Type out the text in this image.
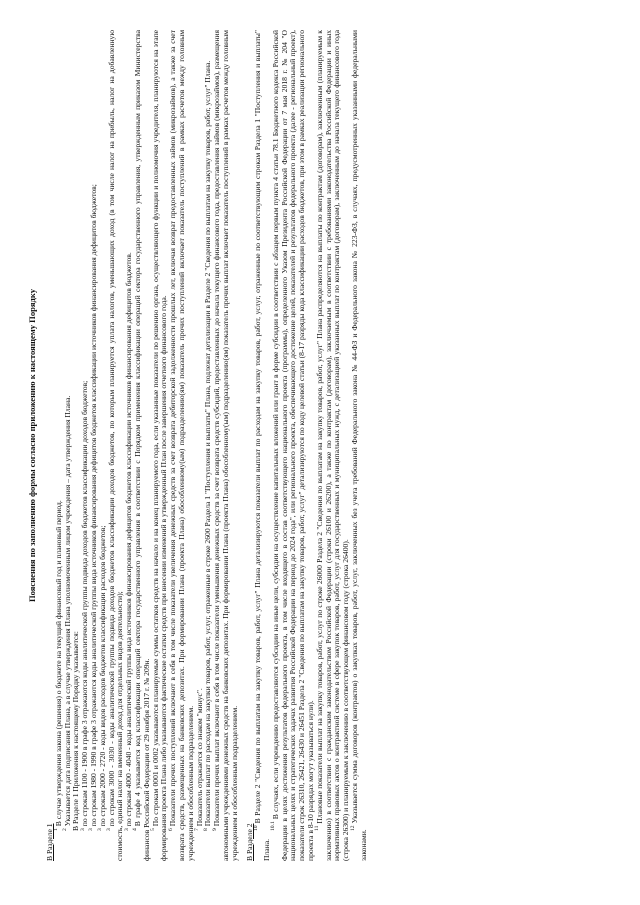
Пояснения по заполнению формы согласно приложению к настоящему Порядку
В Разделе 1 $^1$В случае утверждения закона (решения) о бюджете на текущий финансовый год и плановый период.

$^2$Указывается дата подписания Плана, а в случае утверждения Плана уполномоченным лицом учреждения – дата утверждения Плана. В Разделе 1 Приложения к настоящему Порядку указывается: $^3$по строкам 1100 - 1900 в графе 3 отражаются коды аналитической группы подвида доходов бюджетов классификации доходов бюджетов;

$^3$по строкам 1980 - 1990 в графе 3 отражаются коды аналитической группы вида источников финансирования дефицитов бюджетов классификации источников финансирования дефицитов бюджетов;

$^3$по строкам 2000 - 2720 - коды видов расходов бюджетов классификации расходов бюджетов;

$^3$по строкам 3000 - 3030 - коды аналитической группы подвида доходов бюджетов классификации доходов бюджетов, по которым планируется уплата налогов, уменьшающих доход (в том числе налог на прибыль, налог на добавленную стоимость, единый налог на вмененный доход для отдельных видов деятельности); $^3$по строкам 4000 - 4040 - коды аналитической группы вида источников финансирования дефицитов бюджетов классификации источников финансирования дефицитов бюджетов.

$^4$В графе 4 указывается код классификации операций сектора государственного управления в соответствии с Порядком применения классификации операций сектора государственного управления, утвержденным приказом Министерства финансов Российской Федерации от 29 ноября 2017 г. № 209н. $^5$По строкам 0001 и 0002 указываются планируемые суммы остатков средств на начало и на конец планируемого года, если указанные показатели по решению органа, осуществляющего функции и полномочия учредителя, планируются на этапе формирования проекта Плана либо указываются фактические остатки средств при внесении изменений в утвержденный План после завершения отчетного финансового года. $^6$Показатели прочих поступлений включают в себя в том числе показатели увеличения денежных средств за счет возврата дебиторской задолженности прошлых лет, включая возврат предоставленных займов (микрозаймов), а также за счет возврата средств, размещенных на банковских депозитах. При формировании Плана (проекта Плана) обособленному(ым) подразделению(ям) показатель прочих поступлений включает показатель поступлений в рамках расчетов между головным учреждением и обособленным подразделением. $^7$Показатель отражается со знаком "минус".

$^8$Показатели выплат по расходам на закупки товаров, работ, услуг, отраженные в строке 2600 Раздела 1 "Поступления и выплаты" Плана, подлежат детализации в Разделе 2 "Сведения по выплатам на закупку товаров, работ, услуг" Плана.

$^9$Показатели прочих выплат включают в себя в том числе показатели уменьшения денежных средств за счет возврата средств субсидий, предоставленных до начала текущего финансового года, предоставления займов (микрозаймов), размещения автономными учреждениями денежных средств на банковских депозитах. При формировании Плана (проекта Плана) обособленному(ым) подразделению(ям) показатель прочих выплат включает показатель поступлений в рамках расчетов между головным учреждением и обособленным подразделением. В Разделе 2 $^{10}$В Разделе 2 "Сведения по выплатам на закупку товаров, работ, услуг" Плана детализируются показатели выплат по расходам на закупку товаров, работ, услуг, отраженные по соответствующим строкам Раздела 1 "Поступления и выплаты" Плана.

$^{10.1}$В случаях, если учреждению предоставляются субсидии на иные цели, субсидии на осуществление капитальных вложений или грант в форме субсидии в соответствии с абзацем первым пункта 4 статьи 78.1 Бюджетного кодекса Российской Федерации в целях достижения результатов федерального проекта, в том числе входящего в состав соответствующего национального проекта (программы), определенного Указом Президента Российской Федерации от 7 мая 2018 г. № 204 "О национальных целях и стратегических задачах развития Российской Федерации на период до 2024 года", или регионального проекта, обеспечивающего достижение целей, показателей и результатов федерального проекта (далее - региональный проект), показатели строк 26310, 26421, 26430 и 26451 Раздела 2 "Сведения по выплатам на закупку товаров, работ, услуг" детализируются по коду целевой статьи (8-17 разряды кода классификации расходов бюджетов, при этом в рамках реализации регионального проекта в 8-10 разрядах могут указываться нули). $^{11}$Плановые показатели выплат на закупку товаров, работ, услуг по строке 26000 Раздела 2 "Сведения по выплатам на закупку товаров, работ, услуг" Плана распределяются на выплаты по контрактам (договорам), заключенным (планируемым к заключению) в соответствии с гражданским законодательством Российской Федерации (строки 26100 и 26200), а также по контрактам (договорам), заключаемым в соответствии с требованиями законодательства Российской Федерации и иных нормативных правовых актов о контрактной системе в сфере закупок товаров, работ, услуг для государственных и муниципальных нужд, с детализацией указанных выплат по контрактам (договорам), заключенным до начала текущего финансового года (строка 26300) и планируемым к заключению в соответствующем финансовом году (строка 26400). $^{12}$Указывается сумма договоров (контрактов) о закупках товаров, работ, услуг, заключенных без учета требований Федерального закона № 44-ФЗ и Федерального закона № 223-ФЗ, в случаях, предусмотренных указанными федеральными законами.
